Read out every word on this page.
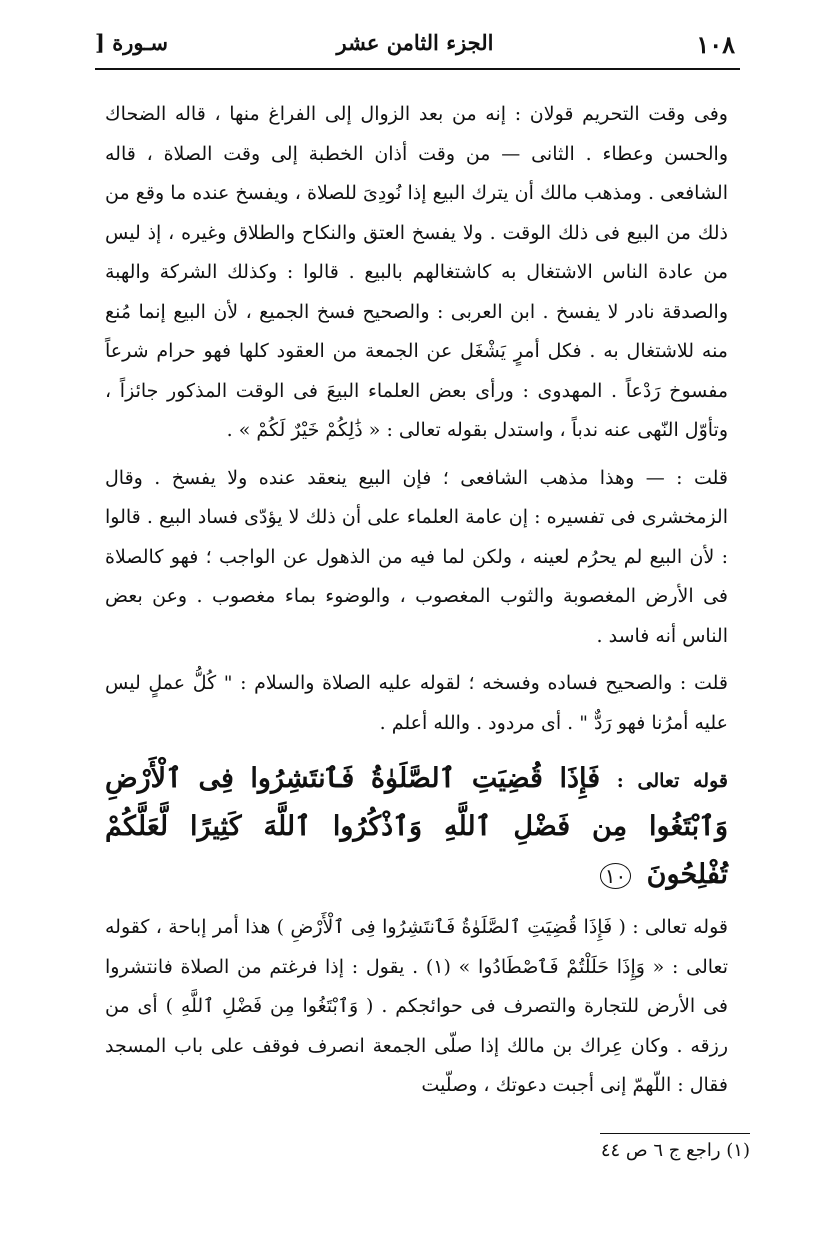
١٠٨
الجزء الثامن عشر
سـورة [

وفى وقت التحريم قولان : إنه من بعد الزوال إلى الفراغ منها ، قاله الضحاك والحسن وعطاء . الثانى — من وقت أذان الخطبة إلى وقت الصلاة ، قاله الشافعى . ومذهب مالك أن يترك البيع إذا نُودِىَ للصلاة ، ويفسخ عنده ما وقع من ذلك من البيع فى ذلك الوقت . ولا يفسخ العتق والنكاح والطلاق وغيره ، إذ ليس من عادة الناس الاشتغال به كاشتغالهم بالبيع . قالوا : وكذلك الشركة والهبة والصدقة نادر لا يفسخ . ابن العربى : والصحيح فسخ الجميع ، لأن البيع إنما مُنع منه للاشتغال به . فكل أمرٍ يَشْغَل عن الجمعة من العقود كلها فهو حرام شرعاً مفسوخ رَدْعاً . المهدوى : ورأى بعض العلماء البيعَ فى الوقت المذكور جائزاً ، وتأوّل النّهى عنه ندباً ، واستدل بقوله تعالى : « ذَٰلِكُمْ خَيْرٌ لَكُمْ » .

قلت : — وهذا مذهب الشافعى ؛ فإن البيع ينعقد عنده ولا يفسخ . وقال الزمخشرى فى تفسيره : إن عامة العلماء على أن ذلك لا يؤدّى فساد البيع . قالوا : لأن البيع لم يحرُم لعينه ، ولكن لما فيه من الذهول عن الواجب ؛ فهو كالصلاة فى الأرض المغصوبة والثوب المغصوب ، والوضوء بماء مغصوب . وعن بعض الناس أنه فاسد .

قلت : والصحيح فساده وفسخه ؛ لقوله عليه الصلاة والسلام : " كُلُّ عملٍ ليس عليه أمرُنا فهو رَدٌّ " . أى مردود . والله أعلم .

قوله تعالى : فَإِذَا قُضِيَتِ ٱلصَّلَوٰةُ فَٱنتَشِرُوا فِى ٱلْأَرْضِ وَٱبْتَغُوا مِن فَضْلِ ٱللَّهِ وَٱذْكُرُوا ٱللَّهَ كَثِيرًا لَّعَلَّكُمْ تُفْلِحُونَ ١٠

قوله تعالى : ( فَإِذَا قُضِيَتِ ٱلصَّلَوٰةُ فَٱنتَشِرُوا فِى ٱلْأَرْضِ ) هذا أمر إباحة ، كقوله تعالى : « وَإِذَا حَلَلْتُمْ فَٱصْطَادُوا » (١) . يقول : إذا فرغتم من الصلاة فانتشروا فى الأرض للتجارة والتصرف فى حوائجكم . ( وَٱبْتَغُوا مِن فَضْلِ ٱللَّهِ ) أى من رزقه . وكان عِراك بن مالك إذا صلّى الجمعة انصرف فوقف على باب المسجد فقال : اللّهمّ إنى أجبت دعوتك ، وصلّيت

(١) راجع ج ٦ ص ٤٤
